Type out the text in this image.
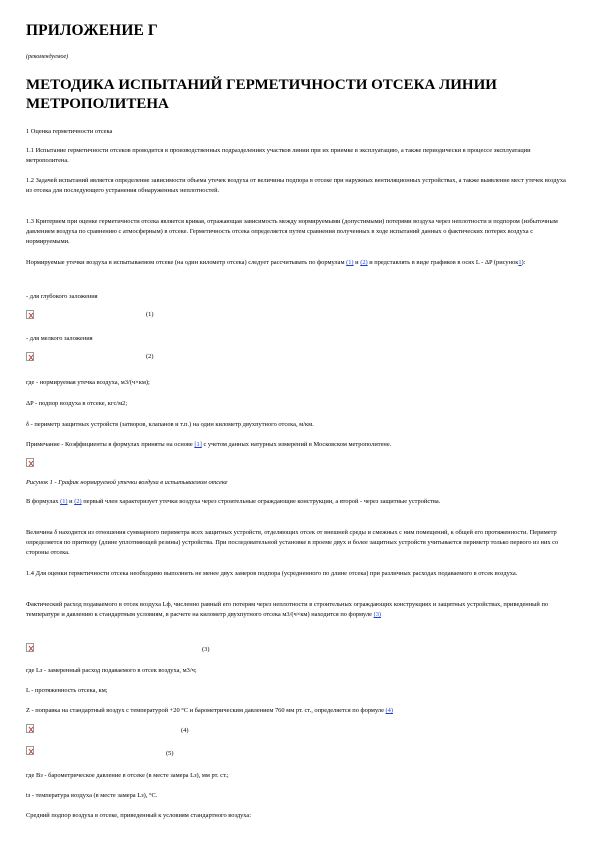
ПРИЛОЖЕНИЕ Г
(рекомендуемое)
МЕТОДИКА ИСПЫТАНИЙ ГЕРМЕТИЧНОСТИ ОТСЕКА ЛИНИИ МЕТРОПОЛИТЕНА

1 Оценка герметичности отсека

1.1 Испытание герметичности отсеков проводится в производственных подразделениях участков линии при их приемке в эксплуатацию, а также периодически в процессе эксплуатации метрополитена.

1.2 Задачей испытаний является определение зависимости объема утечек воздуха от величины подпора в отсеке при наружных вентиляционных устройствах, а также выявление мест утечек воздуха из отсека для последующего устранения обнаруженных неплотностей.

1.3 Критерием при оценке герметичности отсека является кривая, отражающая зависимость между нормируемыми (допустимыми) потерями воздуха через неплотности и подпором (избыточным давлением воздуха по сравнению с атмосферным) в отсеке. Герметичность отсека определяется путем сравнения полученных в ходе испытаний данных о фактических потерях воздуха с нормируемыми.

Нормируемые утечки воздуха в испытываемом отсеке (на один километр отсека) следует рассчитывать по формулам (1) и (2) и представлять в виде графиков в осях L - ΔP (рисунок1):

- для глубокого заложения

(1)

- для мелкого заложения

(2)

где - нормируемая утечка воздуха, м3/(ч×км);

ΔP - подпор воздуха в отсеке, кгс/м2;

δ - периметр защитных устройств (затворов, клапанов и т.п.) на один километр двухпутного отсека, м/км.

Примечание - Коэффициенты в формулах приняты на основе [1] с учетом данных натурных измерений в Московском метрополитене.

Рисунок 1 - График нормируемой утечки воздуха в испытываемом отсеке

В формулах (1) и (2) первый член характеризует утечки воздуха через строительные ограждающие конструкции, а второй - через защитные устройства.

Величина δ находится из отношения суммарного периметра всех защитных устройств, отделяющих отсек от внешней среды и смежных с ним помещений, к общей его протяженности. Периметр определяется по притвору (длине уплотняющей резины) устройства. При последовательной установке в проеме двух и более защитных устройств учитывается периметр только первого из них со стороны отсека.

1.4 Для оценки герметичности отсека необходимо выполнить не менее двух замеров подпора (усредненного по длине отсека) при различных расходах подаваемого в отсек воздуха.

Фактический расход подаваемого в отсек воздуха Lф, численно равный его потерям через неплотности в строительных ограждающих конструкциях и защитных устройствах, приведенный по температуре и давлению к стандартным условиям, в расчете на километр двухпутного отсека м3/(ч×км) находится по формуле (3)

(3)

где Lз - замеренный расход подаваемого в отсек воздуха, м3/ч;

L - протяженность отсека, км;

Z - поправка на стандартный воздух с температурой +20 °С и барометрическим давлением 760 мм рт. ст., определяется по формуле (4)

(4)
(5)

где Bз - барометрическое давление в отсеке (в месте замера Lз), мм рт. ст.;

tз - температура воздуха (в месте замера Lз), °С.

Средний подпор воздуха в отсеке, приведенный к условиям стандартного воздуха:
